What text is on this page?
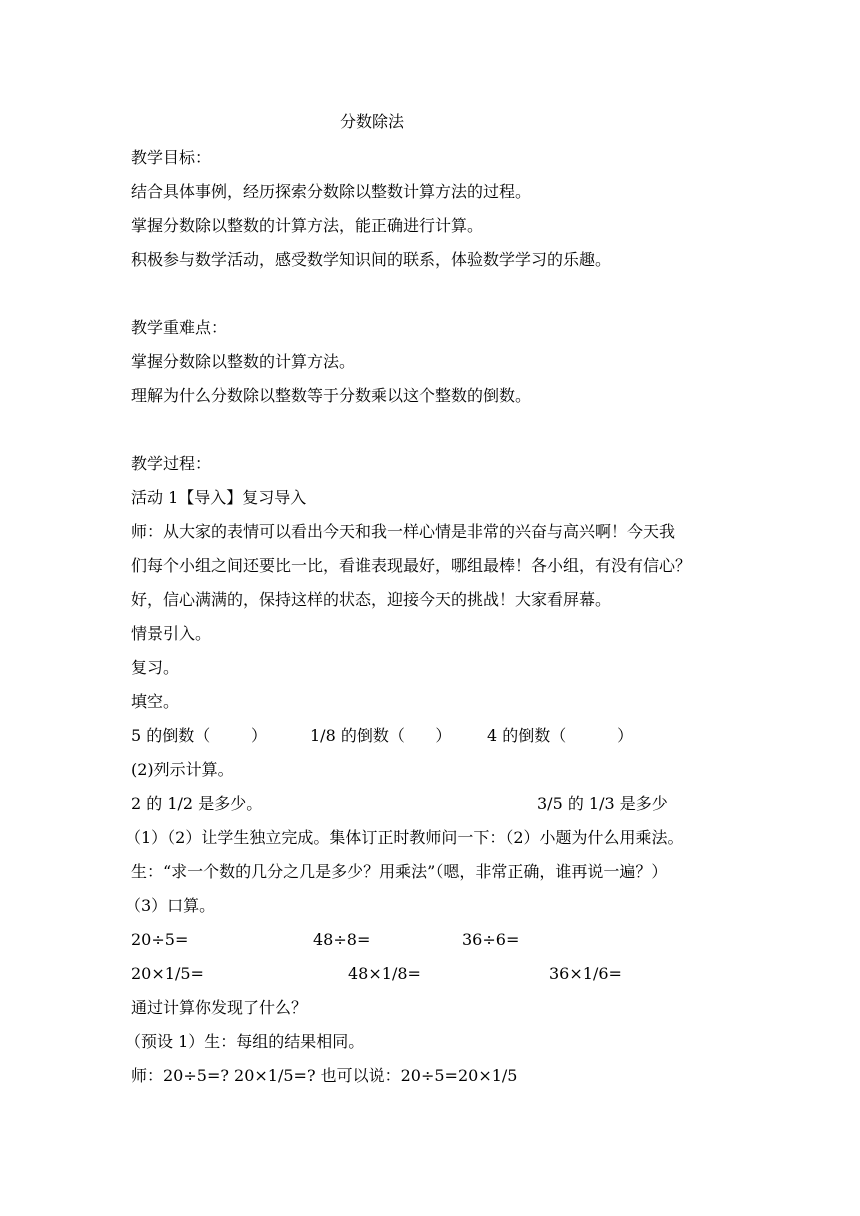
分数除法
教学目标：
结合具体事例，经历探索分数除以整数计算方法的过程。
掌握分数除以整数的计算方法，能正确进行计算。
积极参与数学活动，感受数学知识间的联系，体验数学学习的乐趣。
教学重难点：
掌握分数除以整数的计算方法。
理解为什么分数除以整数等于分数乘以这个整数的倒数。
教学过程：
活动 1【导入】复习导入
师：从大家的表情可以看出今天和我一样心情是非常的兴奋与高兴啊！今天我
们每个小组之间还要比一比，看谁表现最好，哪组最棒！各小组，有没有信心？
好，信心满满的，保持这样的状态，迎接今天的挑战！大家看屏幕。
情景引入。
复习。
填空。
5 的倒数（        ）	1/8 的倒数（      ） 4 的倒数（          ）
(2)列示计算。
2 的 1/2 是多少。	3/5 的 1/3 是多少
（1）（2）让学生独立完成。集体订正时教师问一下：（2）小题为什么用乘法。
生：“求一个数的几分之几是多少？用乘法”（嗯，非常正确，谁再说一遍？）
（3）口算。
20÷5=	48÷8=	36÷6=
20×1/5=	48×1/8=	36×1/6=
通过计算你发现了什么？
（预设 1）生：每组的结果相同。
师：20÷5=? 20×1/5=? 也可以说：20÷5=20×1/5
